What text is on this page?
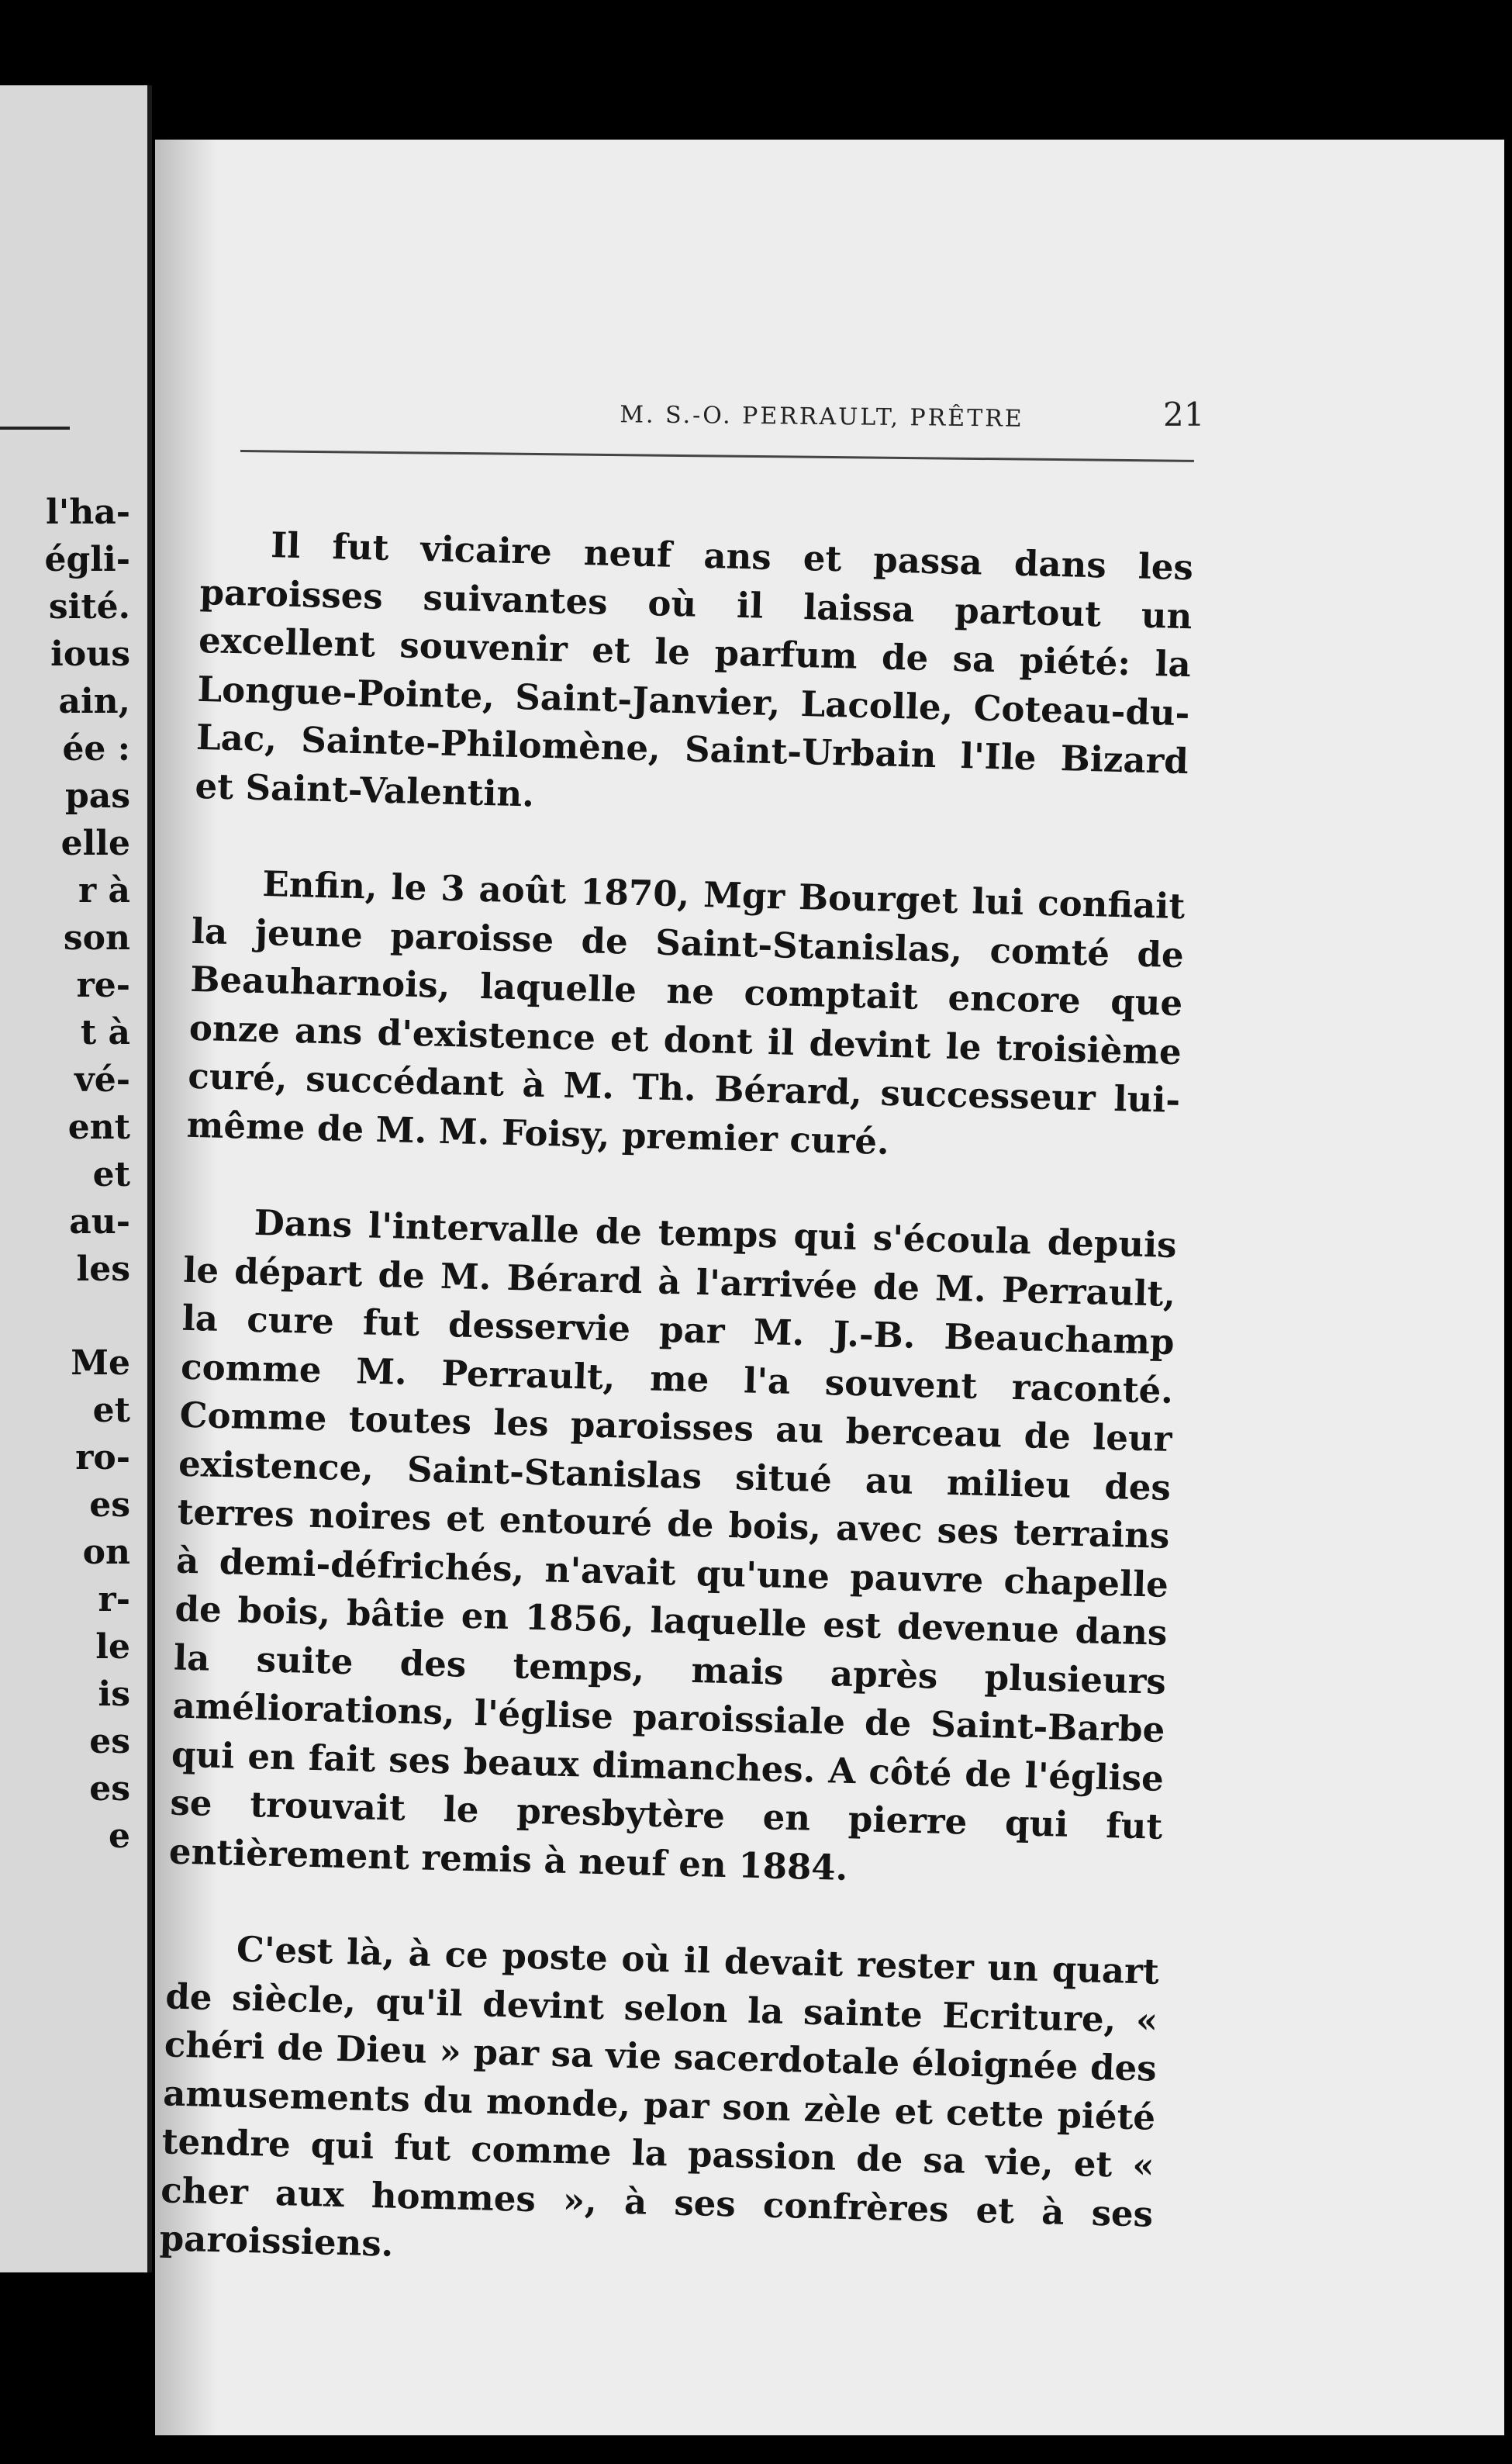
l'ha-
égli-
sité.
ious
ain,
ée :
pas
elle
r à
son
re-
t à
vé-
ent
et
au-
les
Me
et
ro-
es
on
r-
le
is
es
es
e
M. S.-O. PERRAULT, PRÊTRE	21

Il fut vicaire neuf ans et passa dans les paroisses suivantes où il laissa partout un excellent souvenir et le parfum de sa piété: la Longue-Pointe, Saint-Janvier, Lacolle, Coteau-du-Lac, Sainte-Philomène, Saint-Urbain l'Ile Bizard et Saint-Valentin.

Enfin, le 3 août 1870, Mgr Bourget lui confiait la jeune paroisse de Saint-Stanislas, comté de Beauharnois, laquelle ne comptait encore que onze ans d'existence et dont il devint le troisième curé, succédant à M. Th. Bérard, successeur lui-même de M. M. Foisy, premier curé.

Dans l'intervalle de temps qui s'écoula depuis le départ de M. Bérard à l'arrivée de M. Perrault, la cure fut desservie par M. J.-B. Beauchamp comme M. Perrault, me l'a souvent raconté. Comme toutes les paroisses au berceau de leur existence, Saint-Stanislas situé au milieu des terres noires et entouré de bois, avec ses terrains à demi-défrichés, n'avait qu'une pauvre chapelle de bois, bâtie en 1856, laquelle est devenue dans la suite des temps, mais après plusieurs améliorations, l'église paroissiale de Saint-Barbe qui en fait ses beaux dimanches. A côté de l'église se trouvait le presbytère en pierre qui fut entièrement remis à neuf en 1884.

C'est là, à ce poste où il devait rester un quart de siècle, qu'il devint selon la sainte Ecriture, « chéri de Dieu » par sa vie sacerdotale éloignée des amusements du monde, par son zèle et cette piété tendre qui fut comme la passion de sa vie, et « cher aux hommes », à ses confrères et à ses paroissiens.
